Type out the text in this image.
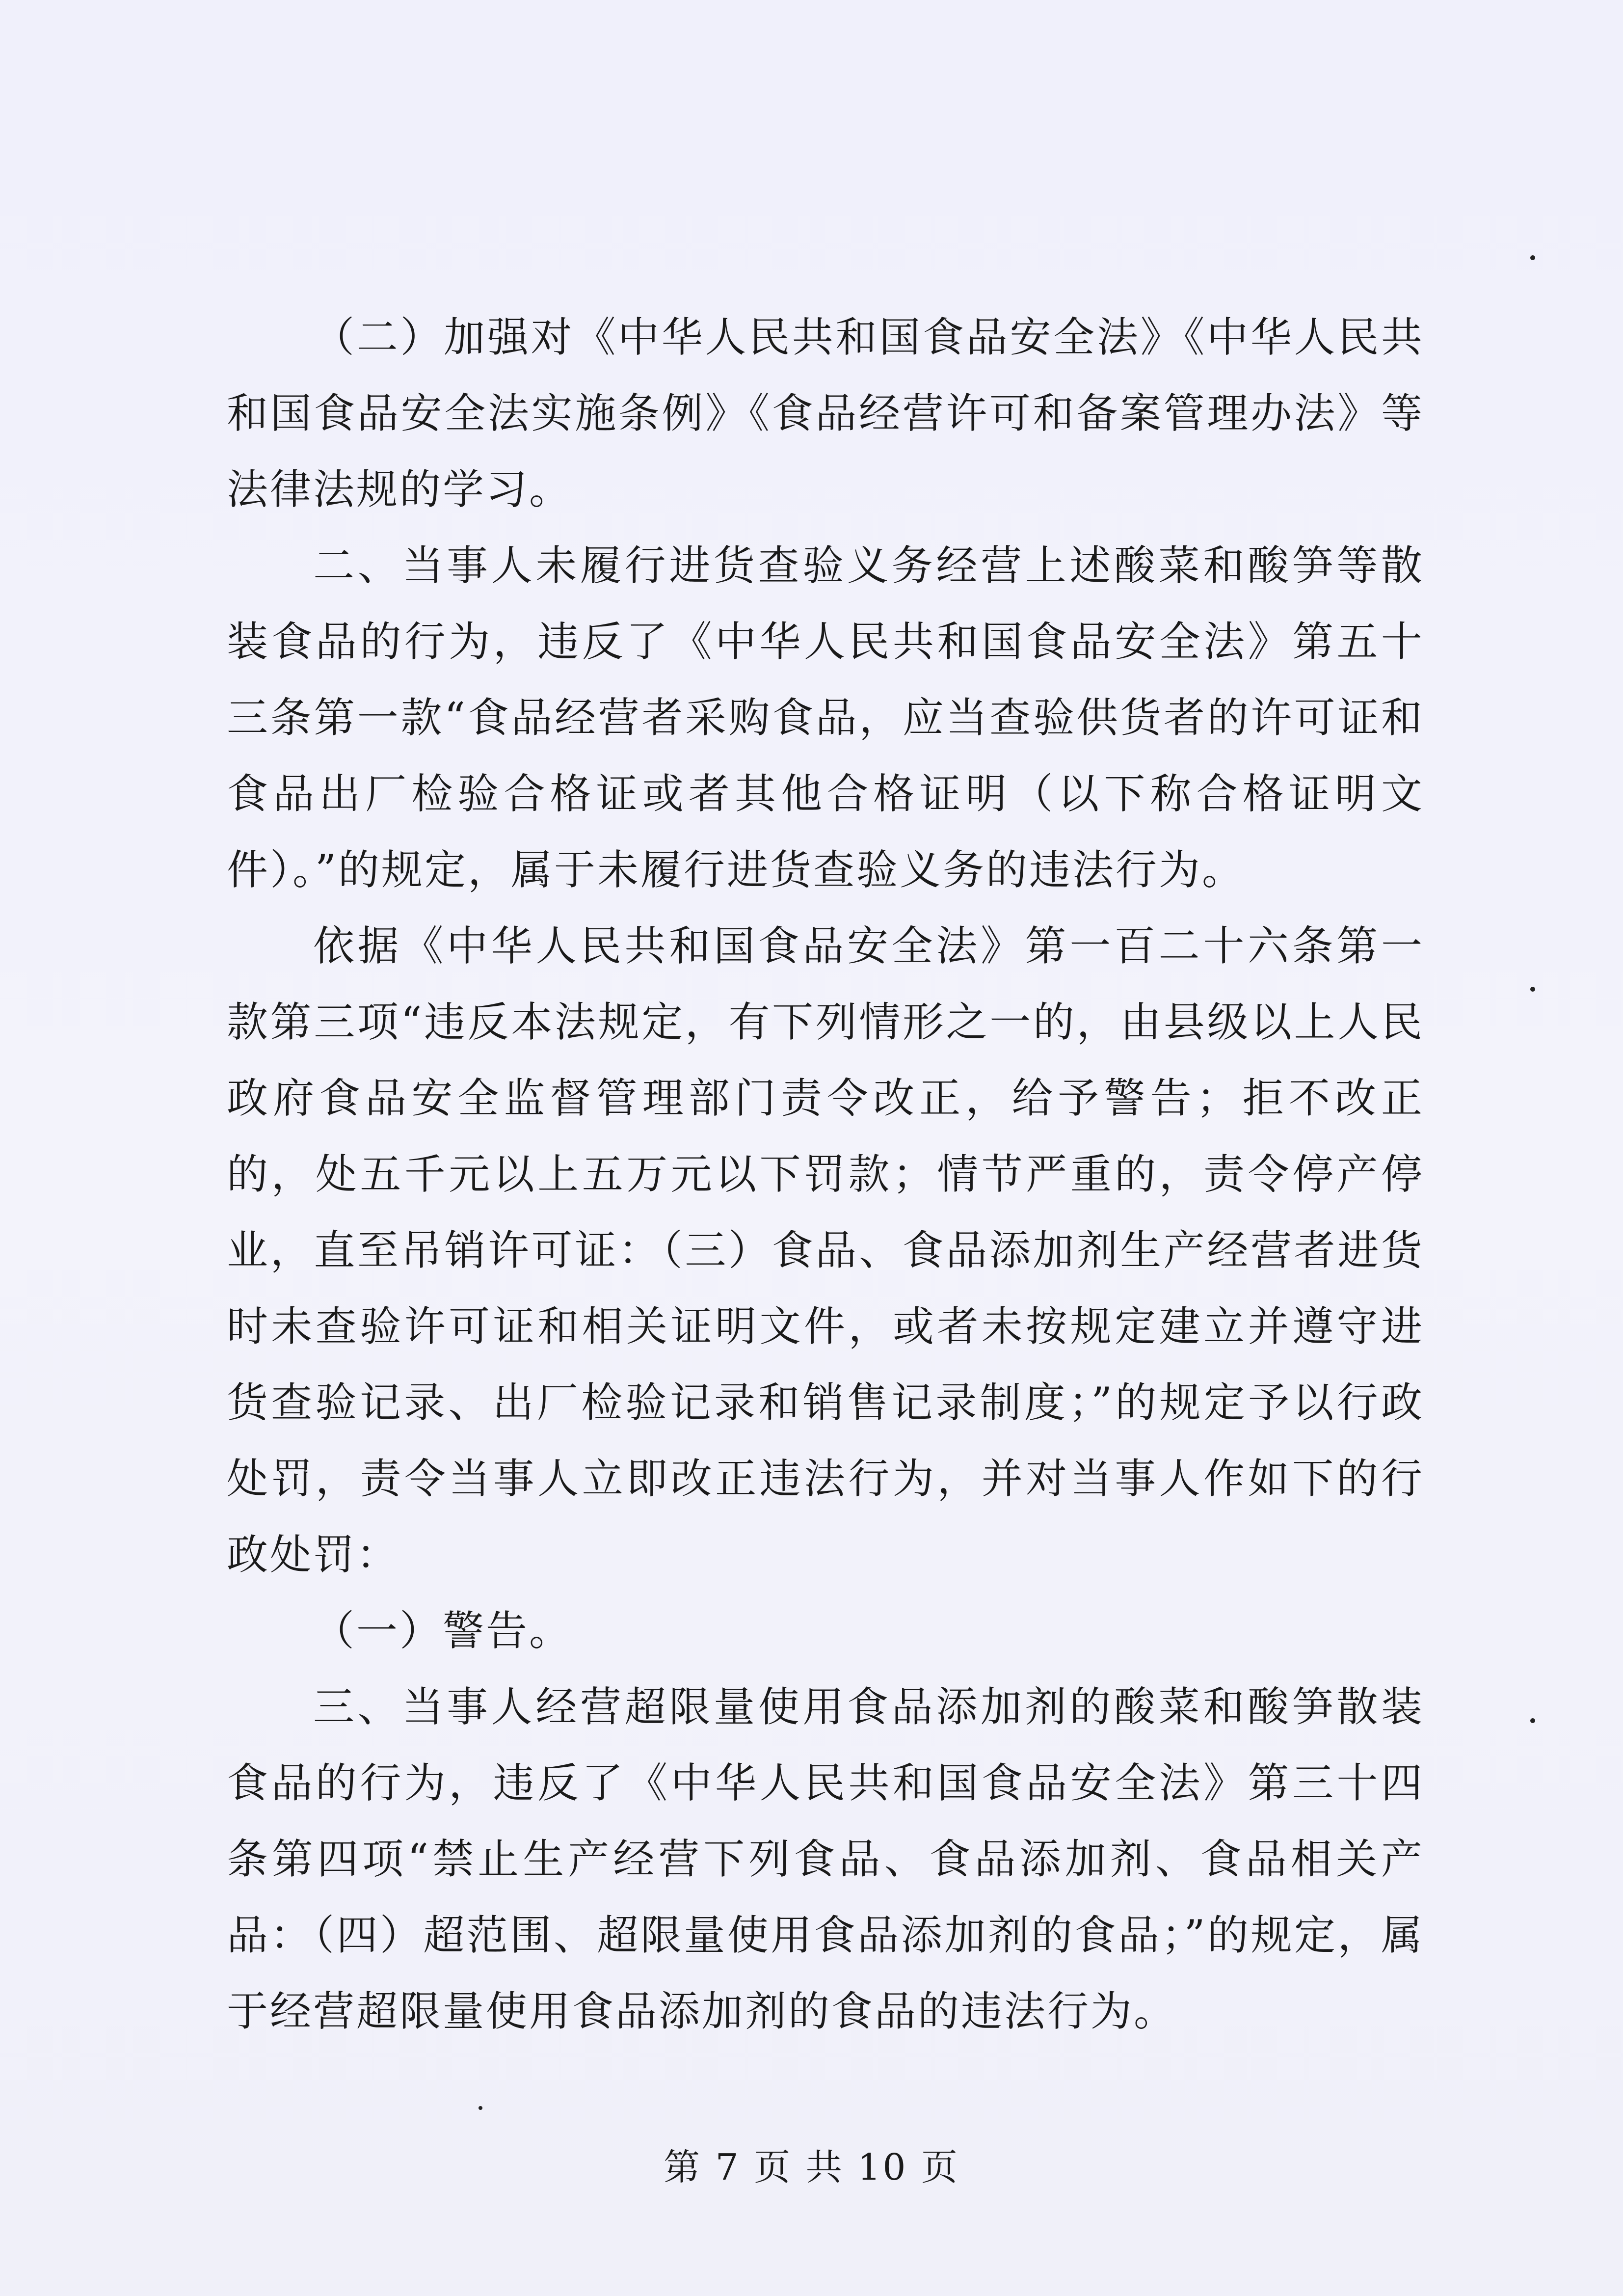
（二）加强对《中华人民共和国食品安全法》《中华人民共和国食品安全法实施条例》《食品经营许可和备案管理办法》等法律法规的学习。

二、当事人未履行进货查验义务经营上述酸菜和酸笋等散装食品的行为，违反了《中华人民共和国食品安全法》第五十三条第一款“食品经营者采购食品，应当查验供货者的许可证和食品出厂检验合格证或者其他合格证明（以下称合格证明文件）。”的规定，属于未履行进货查验义务的违法行为。

依据《中华人民共和国食品安全法》第一百二十六条第一款第三项“违反本法规定，有下列情形之一的，由县级以上人民政府食品安全监督管理部门责令改正，给予警告；拒不改正的，处五千元以上五万元以下罚款；情节严重的，责令停产停业，直至吊销许可证：（三）食品、食品添加剂生产经营者进货时未查验许可证和相关证明文件，或者未按规定建立并遵守进货查验记录、出厂检验记录和销售记录制度；”的规定予以行政处罚，责令当事人立即改正违法行为，并对当事人作如下的行政处罚：

（一）警告。

三、当事人经营超限量使用食品添加剂的酸菜和酸笋散装食品的行为，违反了《中华人民共和国食品安全法》第三十四条第四项“禁止生产经营下列食品、食品添加剂、食品相关产品：（四）超范围、超限量使用食品添加剂的食品；”的规定，属于经营超限量使用食品添加剂的食品的违法行为。

第 7 页 共 10 页
